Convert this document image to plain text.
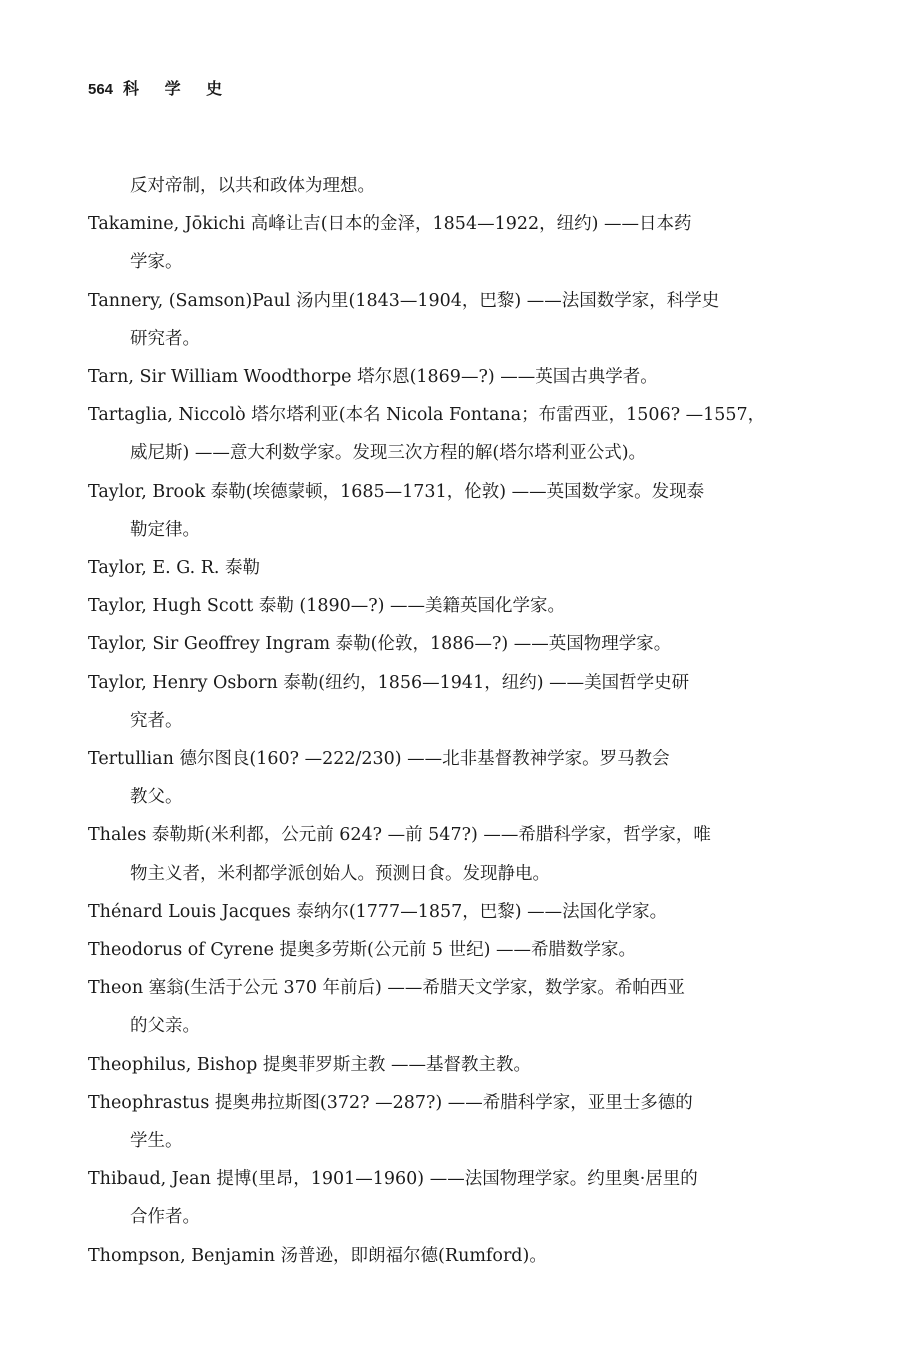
564 科 学 史

反对帝制，以共和政体为理想。

Takamine, Jōkichi 高峰让吉(日本的金泽，1854—1922，纽约) ——日本药
学家。

Tannery, (Samson)Paul 汤内里(1843—1904，巴黎) ——法国数学家，科学史
研究者。

Tarn, Sir William Woodthorpe 塔尔恩(1869—?) ——英国古典学者。

Tartaglia, Niccolò 塔尔塔利亚(本名 Nicola Fontana；布雷西亚，1506? —1557，
威尼斯) ——意大利数学家。发现三次方程的解(塔尔塔利亚公式)。

Taylor, Brook 泰勒(埃德蒙顿，1685—1731，伦敦) ——英国数学家。发现泰
勒定律。

Taylor, E. G. R. 泰勒

Taylor, Hugh Scott 泰勒 (1890—?) ——美籍英国化学家。

Taylor, Sir Geoffrey Ingram 泰勒(伦敦，1886—?) ——英国物理学家。

Taylor, Henry Osborn 泰勒(纽约，1856—1941，纽约) ——美国哲学史研
究者。

Tertullian 德尔图良(160? —222/230) ——北非基督教神学家。罗马教会
教父。

Thales 泰勒斯(米利都，公元前 624? —前 547?) ——希腊科学家，哲学家，唯
物主义者，米利都学派创始人。预测日食。发现静电。

Thénard Louis Jacques 泰纳尔(1777—1857，巴黎) ——法国化学家。

Theodorus of Cyrene 提奥多劳斯(公元前 5 世纪) ——希腊数学家。

Theon 塞翁(生活于公元 370 年前后) ——希腊天文学家，数学家。希帕西亚
的父亲。

Theophilus, Bishop 提奥菲罗斯主教 ——基督教主教。

Theophrastus 提奥弗拉斯图(372? —287?) ——希腊科学家，亚里士多德的
学生。

Thibaud, Jean 提博(里昂，1901—1960) ——法国物理学家。约里奥·居里的
合作者。

Thompson, Benjamin 汤普逊，即朗福尔德(Rumford)。
